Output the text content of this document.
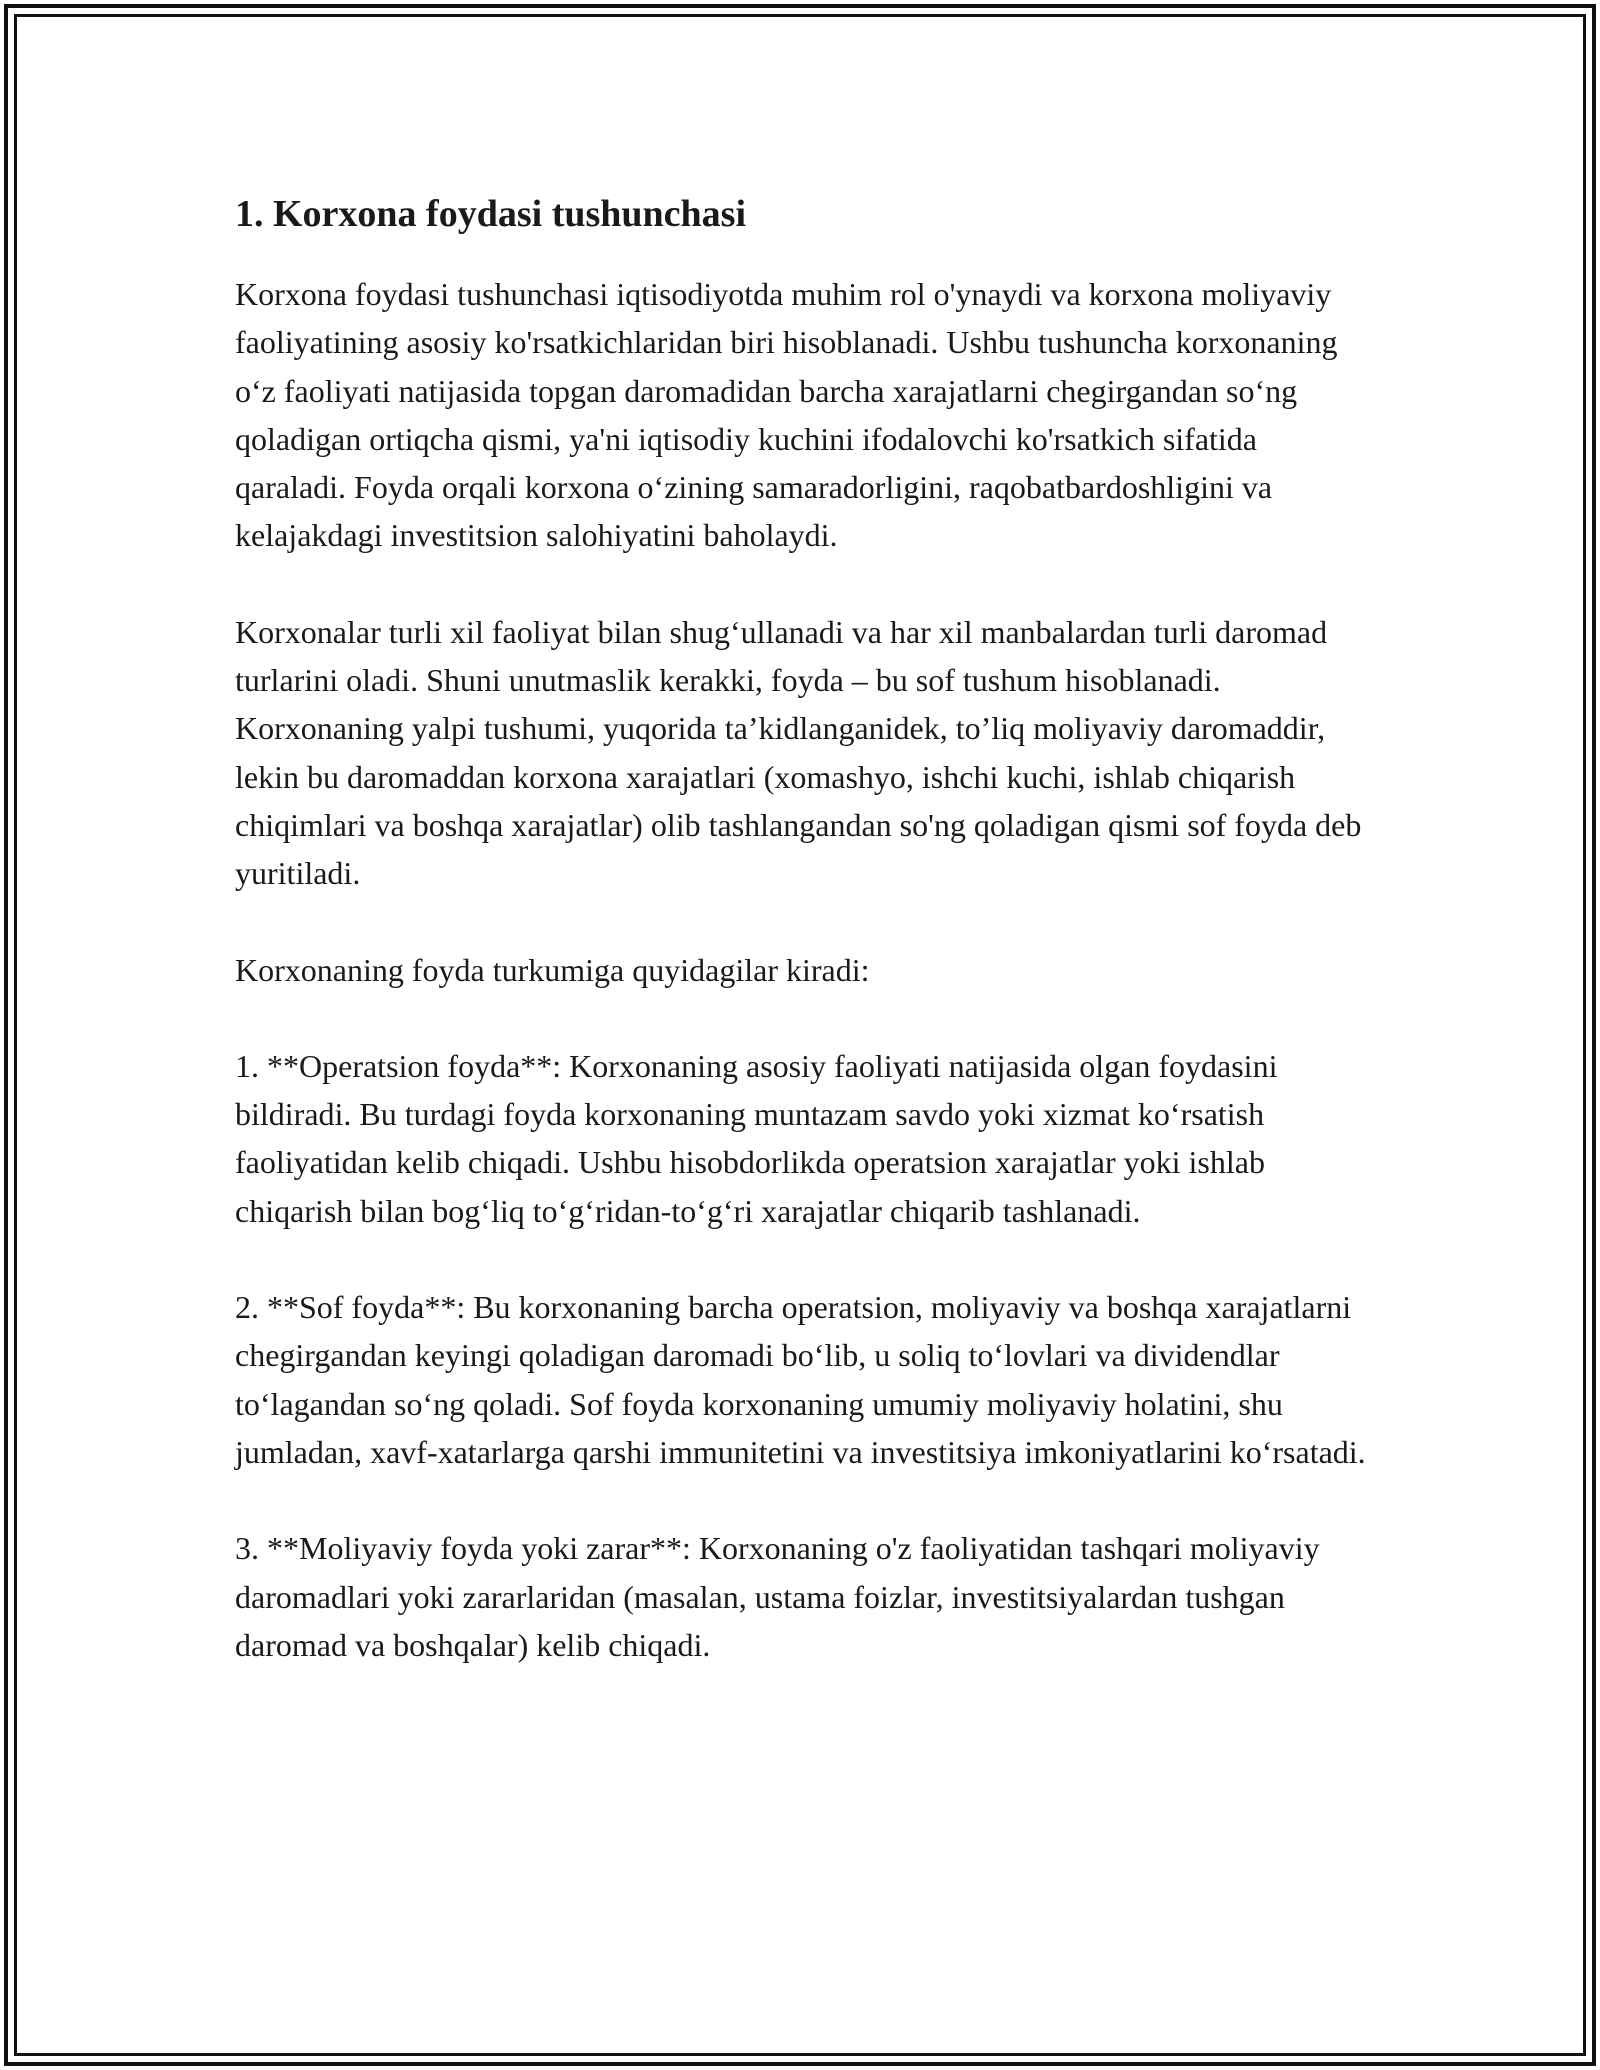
1. Korxona foydasi tushunchasi

Korxona foydasi tushunchasi iqtisodiyotda muhim rol o'ynaydi va korxona moliyaviy faoliyatining asosiy ko'rsatkichlaridan biri hisoblanadi. Ushbu tushuncha korxonaning o‘z faoliyati natijasida topgan daromadidan barcha xarajatlarni chegirgandan so‘ng qoladigan ortiqcha qismi, ya'ni iqtisodiy kuchini ifodalovchi ko'rsatkich sifatida qaraladi. Foyda orqali korxona o‘zining samaradorligini, raqobatbardoshligini va kelajakdagi investitsion salohiyatini baholaydi.

Korxonalar turli xil faoliyat bilan shug‘ullanadi va har xil manbalardan turli daromad turlarini oladi. Shuni unutmaslik kerakki, foyda – bu sof tushum hisoblanadi. Korxonaning yalpi tushumi, yuqorida ta’kidlanganidek, to’liq moliyaviy daromaddir, lekin bu daromaddan korxona xarajatlari (xomashyo, ishchi kuchi, ishlab chiqarish chiqimlari va boshqa xarajatlar) olib tashlangandan so'ng qoladigan qismi sof foyda deb yuritiladi.

Korxonaning foyda turkumiga quyidagilar kiradi:

1. **Operatsion foyda**: Korxonaning asosiy faoliyati natijasida olgan foydasini bildiradi. Bu turdagi foyda korxonaning muntazam savdo yoki xizmat ko‘rsatish faoliyatidan kelib chiqadi. Ushbu hisobdorlikda operatsion xarajatlar yoki ishlab chiqarish bilan bog‘liq to‘g‘ridan-to‘g‘ri xarajatlar chiqarib tashlanadi.

2. **Sof foyda**: Bu korxonaning barcha operatsion, moliyaviy va boshqa xarajatlarni chegirgandan keyingi qoladigan daromadi bo‘lib, u soliq to‘lovlari va dividendlar to‘lagandan so‘ng qoladi. Sof foyda korxonaning umumiy moliyaviy holatini, shu jumladan, xavf-xatarlarga qarshi immunitetini va investitsiya imkoniyatlarini ko‘rsatadi.

3. **Moliyaviy foyda yoki zarar**: Korxonaning o'z faoliyatidan tashqari moliyaviy daromadlari yoki zararlaridan (masalan, ustama foizlar, investitsiyalardan tushgan daromad va boshqalar) kelib chiqadi.
